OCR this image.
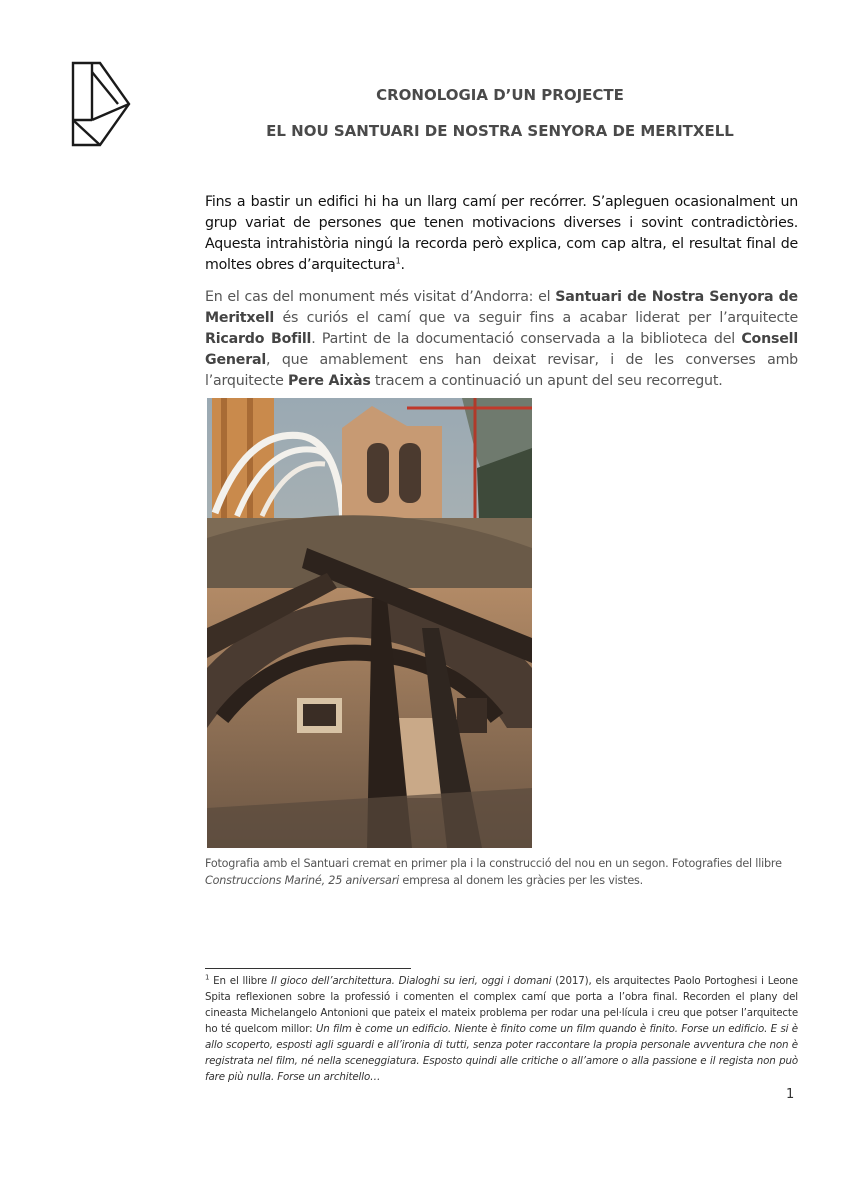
CRONOLOGIA D’UN PROJECTE
EL NOU SANTUARI DE NOSTRA SENYORA DE MERITXELL

Fins a bastir un edifici hi ha un llarg camí per recórrer. S’apleguen ocasionalment un grup variat de persones que tenen motivacions diverses i sovint contradictòries. Aquesta intrahistòria ningú la recorda però explica, com cap altra, el resultat final de moltes obres d’arquitectura$^1$.

En el cas del monument més visitat d’Andorra: el Santuari de Nostra Senyora de Meritxell és curiós el camí que va seguir fins a acabar liderat per l’arquitecte Ricardo Bofill. Partint de la documentació conservada a la biblioteca del Consell General, que amablement ens han deixat revisar, i de les converses amb l’arquitecte Pere Aixàs tracem a continuació un apunt del seu recorregut.

Fotografia amb el Santuari cremat en primer pla i la construcció del nou en un segon. Fotografies del llibre Construccions Mariné, 25 aniversari empresa al donem les gràcies per les vistes.

$^1$ En el llibre Il gioco dell’architettura. Dialoghi su ieri, oggi i domani (2017), els arquitectes Paolo Portoghesi i Leone Spita reflexionen sobre la professió i comenten el complex camí que porta a l’obra final. Recorden el plany del cineasta Michelangelo Antonioni que pateix el mateix problema per rodar una pel·lícula i creu que potser l’arquitecte ho té quelcom millor: Un film è come un edificio. Niente è finito come un film quando è finito. Forse un edificio. E si è allo scoperto, esposti agli sguardi e all’ironia di tutti, senza poter raccontare la propia personale avventura che non è registrata nel film, né nella sceneggiatura. Esposto quindi alle critiche o all’amore o alla passione e il regista non può fare più nulla. Forse un architello…

1
